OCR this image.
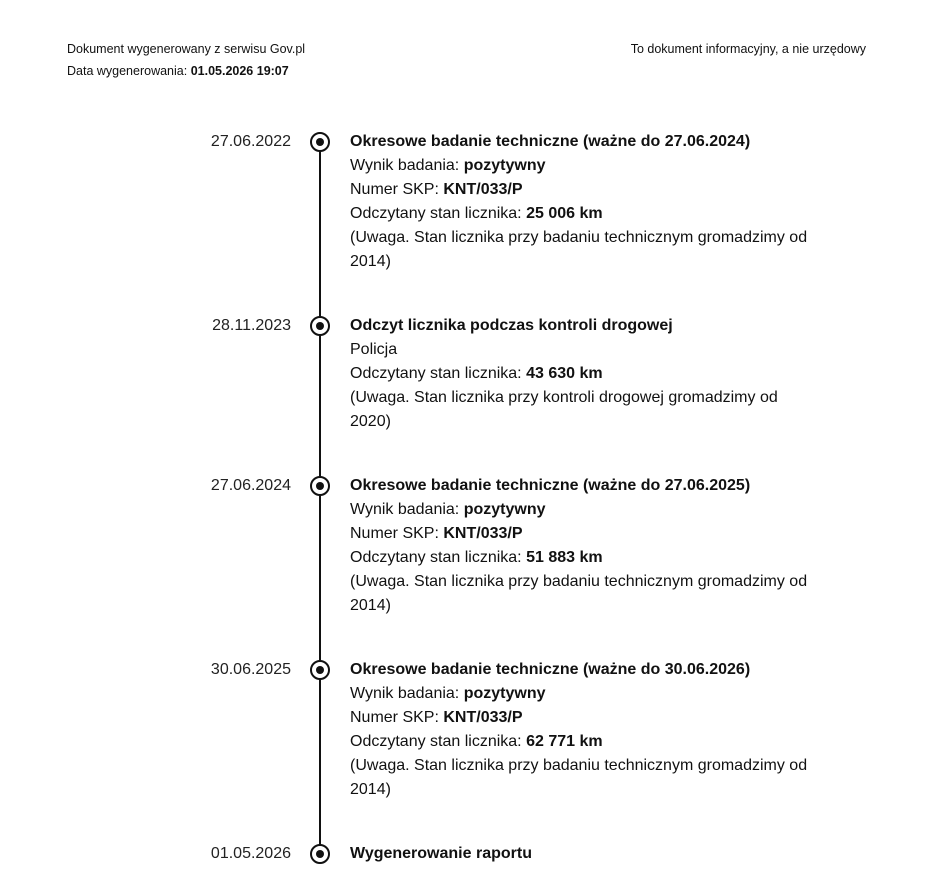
Dokument wygenerowany z serwisu Gov.pl
Data wygenerowania: 01.05.2026 19:07
To dokument informacyjny, a nie urzędowy
27.06.2022	Okresowe badanie techniczne (ważne do 27.06.2024)
Wynik badania: pozytywny
Numer SKP: KNT/033/P
Odczytany stan licznika: 25 006 km
(Uwaga. Stan licznika przy badaniu technicznym gromadzimy od 2014)
28.11.2023	Odczyt licznika podczas kontroli drogowej
Policja
Odczytany stan licznika: 43 630 km
(Uwaga. Stan licznika przy kontroli drogowej gromadzimy od 2020)
27.06.2024	Okresowe badanie techniczne (ważne do 27.06.2025)
Wynik badania: pozytywny
Numer SKP: KNT/033/P
Odczytany stan licznika: 51 883 km
(Uwaga. Stan licznika przy badaniu technicznym gromadzimy od 2014)
30.06.2025	Okresowe badanie techniczne (ważne do 30.06.2026)
Wynik badania: pozytywny
Numer SKP: KNT/033/P
Odczytany stan licznika: 62 771 km
(Uwaga. Stan licznika przy badaniu technicznym gromadzimy od 2014)
01.05.2026	Wygenerowanie raportu
